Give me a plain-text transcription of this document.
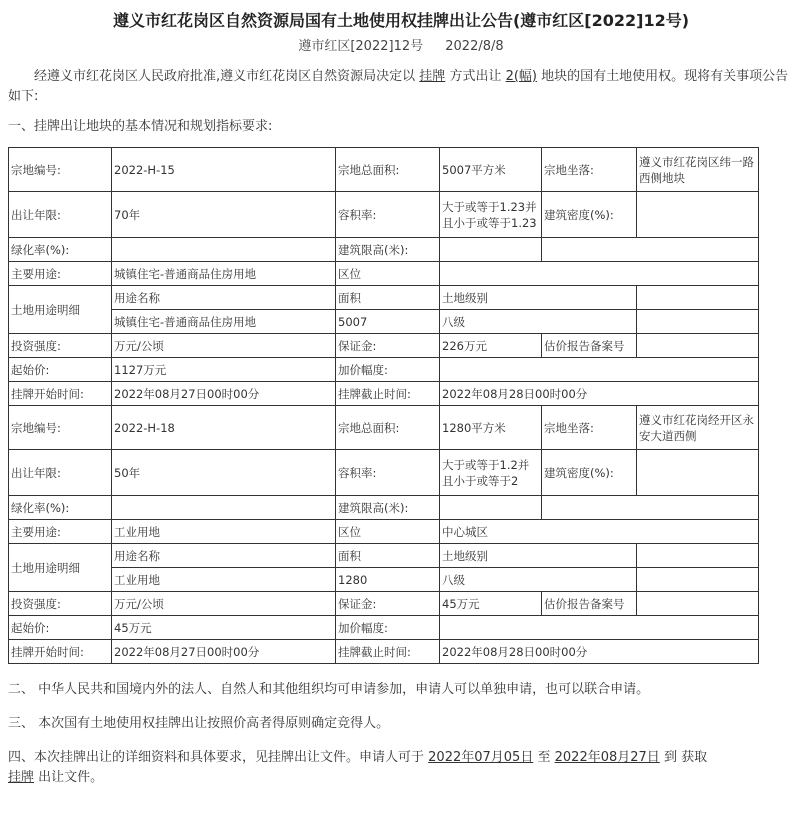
遵义市红花岗区自然资源局国有土地使用权挂牌出让公告(遵市红区[2022]12号)
遵市红区[2022]12号 2022/8/8
经遵义市红花岗区人民政府批准,遵义市红花岗区自然资源局决定以 挂牌 方式出让 2(幅) 地块的国有土地使用权。现将有关事项公告如下:
一、挂牌出让地块的基本情况和规划指标要求:
宗地编号:	2022-H-15	宗地总面积:	5007平方米	宗地坐落:	遵义市红花岗区纬一路西侧地块
出让年限:	70年	容积率:	大于或等于1.23并且小于或等于1.23	建筑密度(%):	
绿化率(%):		建筑限高(米):			
主要用途:	城镇住宅-普通商品住房用地	区位			
土地用途明细	用途名称	面积	土地级别		
	城镇住宅-普通商品住房用地	5007	八级		
投资强度:	万元/公顷	保证金:	226万元	估价报告备案号	
起始价:	1127万元	加价幅度:			
挂牌开始时间:	2022年08月27日00时00分	挂牌截止时间:	2022年08月28日00时00分		
宗地编号:	2022-H-18	宗地总面积:	1280平方米	宗地坐落:	遵义市红花岗经开区永安大道西侧
出让年限:	50年	容积率:	大于或等于1.2并且小于或等于2	建筑密度(%):	
绿化率(%):		建筑限高(米):			
主要用途:	工业用地	区位	中心城区		
土地用途明细	用途名称	面积	土地级别		
	工业用地	1280	八级		
投资强度:	万元/公顷	保证金:	45万元	估价报告备案号	
起始价:	45万元	加价幅度:			
挂牌开始时间:	2022年08月27日00时00分	挂牌截止时间:	2022年08月28日00时00分		
二、 中华人民共和国境内外的法人、自然人和其他组织均可申请参加，申请人可以单独申请，也可以联合申请。
三、 本次国有土地使用权挂牌出让按照价高者得原则确定竞得人。
四、本次挂牌出让的详细资料和具体要求，见挂牌出让文件。申请人可于 2022年07月05日 至 2022年08月27日 到 获取
挂牌 出让文件。
